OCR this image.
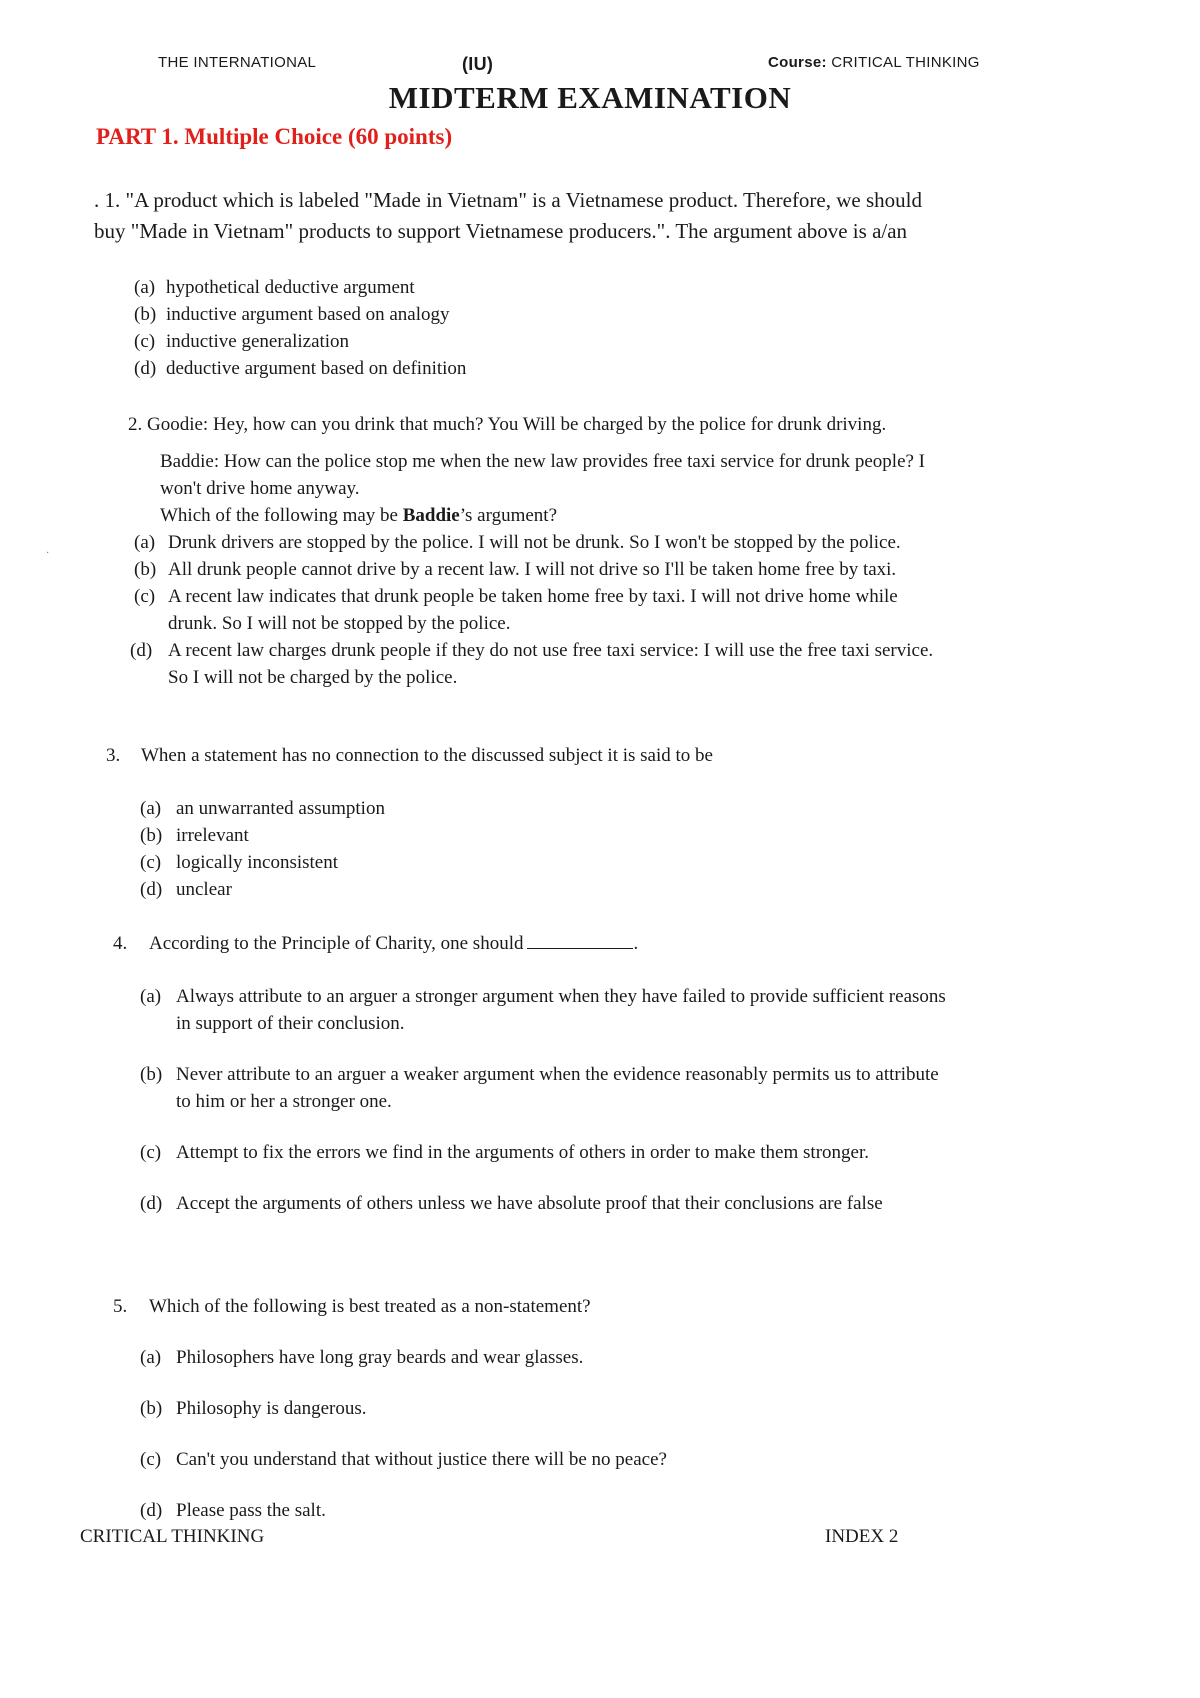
THE INTERNATIONAL	(IU)	Course: CRITICAL THINKING
MIDTERM EXAMINATION
PART 1. Multiple Choice (60 points)
. 1. "A product which is labeled "Made in Vietnam" is a Vietnamese product. Therefore, we should
buy "Made in Vietnam" products to support Vietnamese producers.". The argument above is a/an
(a) hypothetical deductive argument
(b) inductive argument based on analogy
(c) inductive generalization
(d) deductive argument based on definition
2. Goodie: Hey, how can you drink that much? You Will be charged by the police for drunk driving.
Baddie: How can the police stop me when the new law provides free taxi service for drunk people? I
won't drive home anyway.
Which of the following may be Baddie’s argument?
·
(a) Drunk drivers are stopped by the police. I will not be drunk. So I won't be stopped by the police.
(b) All drunk people cannot drive by a recent law. I will not drive so I'll be taken home free by taxi.
(c) A recent law indicates that drunk people be taken home free by taxi. I will not drive home while
drunk. So I will not be stopped by the police.
(d) A recent law charges drunk people if they do not use free taxi service: I will use the free taxi service.
So I will not be charged by the police.
3. When a statement has no connection to the discussed subject it is said to be
(a) an unwarranted assumption
(b) irrelevant
(c) logically inconsistent
(d) unclear
4. According to the Principle of Charity, one should	.
(a) Always attribute to an arguer a stronger argument when they have failed to provide sufficient reasons
in support of their conclusion.
(b) Never attribute to an arguer a weaker argument when the evidence reasonably permits us to attribute
to him or her a stronger one.
(c) Attempt to fix the errors we find in the arguments of others in order to make them stronger.
(d) Accept the arguments of others unless we have absolute proof that their conclusions are false
5. Which of the following is best treated as a non-statement?
(a) Philosophers have long gray beards and wear glasses.
(b) Philosophy is dangerous.
(c) Can't you understand that without justice there will be no peace?
(d) Please pass the salt.
CRITICAL THINKING	INDEX 2
